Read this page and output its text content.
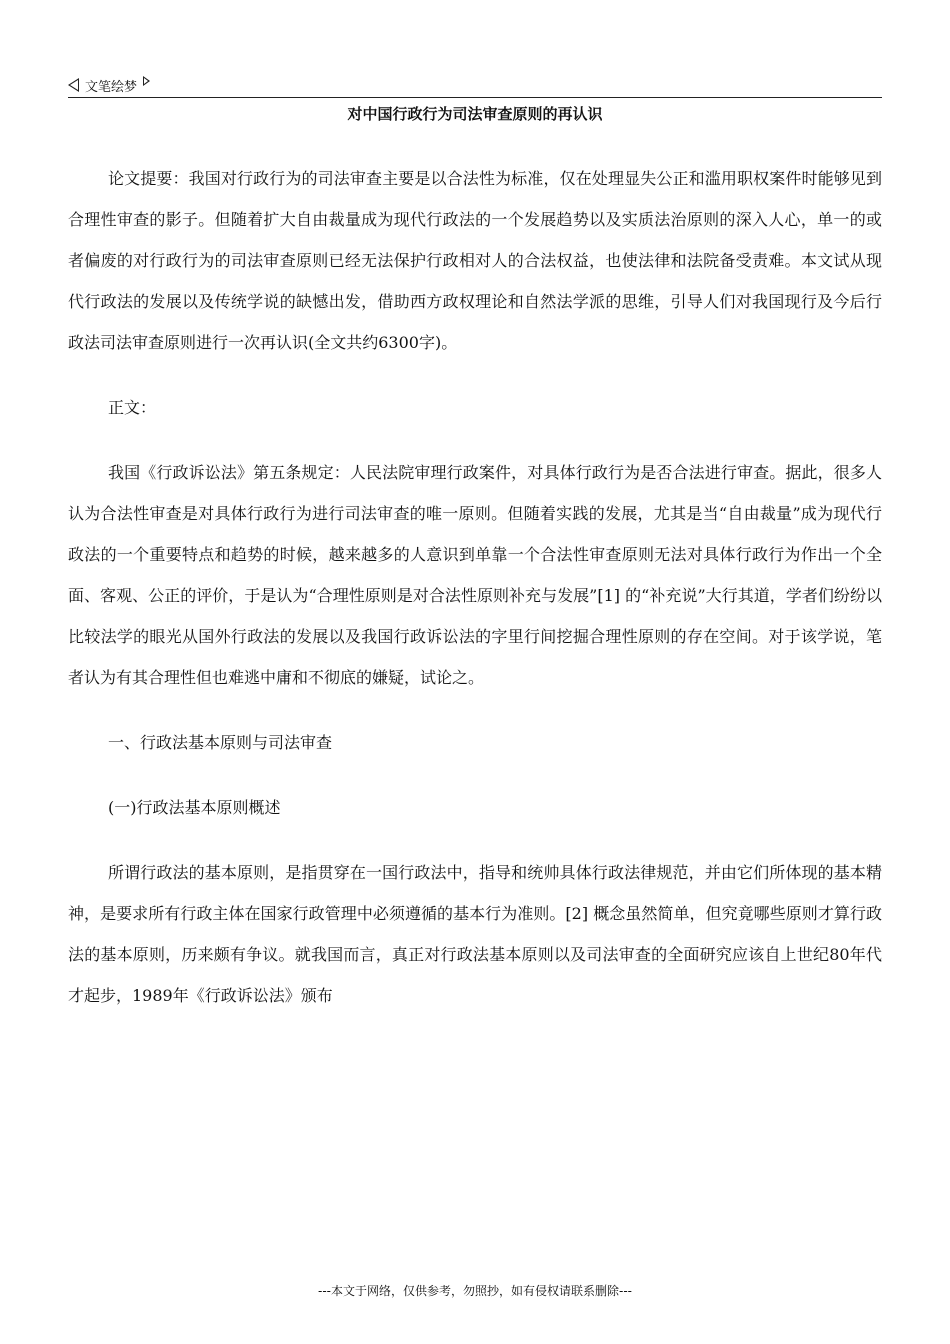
文笔绘梦
对中国行政行为司法审查原则的再认识

论文提要：我国对行政行为的司法审查主要是以合法性为标准，仅在处理显失公正和滥用职权案件时能够见到合理性审查的影子。但随着扩大自由裁量成为现代行政法的一个发展趋势以及实质法治原则的深入人心，单一的或者偏废的对行政行为的司法审查原则已经无法保护行政相对人的合法权益，也使法律和法院备受责难。本文试从现代行政法的发展以及传统学说的缺憾出发，借助西方政权理论和自然法学派的思维，引导人们对我国现行及今后行政法司法审查原则进行一次再认识(全文共约6300字)。

正文：

我国《行政诉讼法》第五条规定：人民法院审理行政案件，对具体行政行为是否合法进行审查。据此，很多人认为合法性审查是对具体行政行为进行司法审查的唯一原则。但随着实践的发展，尤其是当“自由裁量”成为现代行政法的一个重要特点和趋势的时候，越来越多的人意识到单靠一个合法性审查原则无法对具体行政行为作出一个全面、客观、公正的评价，于是认为“合理性原则是对合法性原则补充与发展”[1] 的“补充说”大行其道，学者们纷纷以比较法学的眼光从国外行政法的发展以及我国行政诉讼法的字里行间挖掘合理性原则的存在空间。对于该学说，笔者认为有其合理性但也难逃中庸和不彻底的嫌疑，试论之。

一、行政法基本原则与司法审查

(一)行政法基本原则概述

所谓行政法的基本原则，是指贯穿在一国行政法中，指导和统帅具体行政法律规范，并由它们所体现的基本精神，是要求所有行政主体在国家行政管理中必须遵循的基本行为准则。[2] 概念虽然简单，但究竟哪些原则才算行政法的基本原则，历来颇有争议。就我国而言，真正对行政法基本原则以及司法审查的全面研究应该自上世纪80年代才起步，1989年《行政诉讼法》颁布

---本文于网络，仅供参考，勿照抄，如有侵权请联系删除---
